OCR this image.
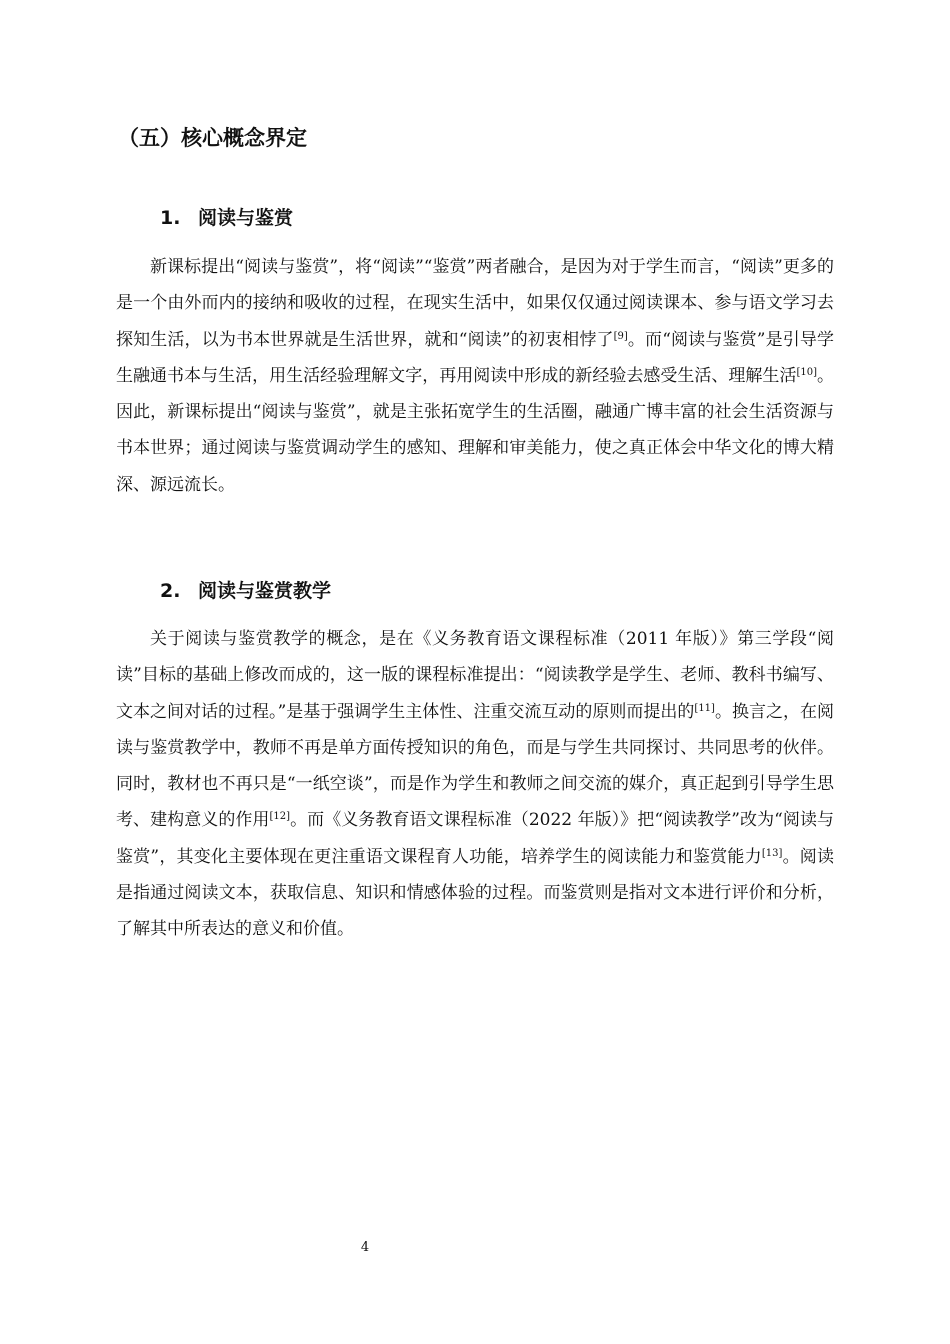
（五）核心概念界定
1. 阅读与鉴赏

新课标提出“阅读与鉴赏”，将“阅读”“鉴赏”两者融合，是因为对于学生而言，“阅读”更多的是一个由外而内的接纳和吸收的过程，在现实生活中，如果仅仅通过阅读课本、参与语文学习去探知生活，以为书本世界就是生活世界，就和“阅读”的初衷相悖了[9]。而“阅读与鉴赏”是引导学生融通书本与生活，用生活经验理解文字，再用阅读中形成的新经验去感受生活、理解生活[10]。因此，新课标提出“阅读与鉴赏”，就是主张拓宽学生的生活圈，融通广博丰富的社会生活资源与书本世界；通过阅读与鉴赏调动学生的感知、理解和审美能力，使之真正体会中华文化的博大精深、源远流长。

2. 阅读与鉴赏教学

关于阅读与鉴赏教学的概念，是在《义务教育语文课程标准（2011 年版）》第三学段“阅读”目标的基础上修改而成的，这一版的课程标准提出：“阅读教学是学生、老师、教科书编写、文本之间对话的过程。”是基于强调学生主体性、注重交流互动的原则而提出的[11]。换言之，在阅读与鉴赏教学中，教师不再是单方面传授知识的角色，而是与学生共同探讨、共同思考的伙伴。同时，教材也不再只是“一纸空谈”，而是作为学生和教师之间交流的媒介，真正起到引导学生思考、建构意义的作用[12]。而《义务教育语文课程标准（2022 年版）》把“阅读教学”改为“阅读与鉴赏”，其变化主要体现在更注重语文课程育人功能，培养学生的阅读能力和鉴赏能力[13]。阅读是指通过阅读文本，获取信息、知识和情感体验的过程。而鉴赏则是指对文本进行评价和分析，了解其中所表达的意义和价值。

4
